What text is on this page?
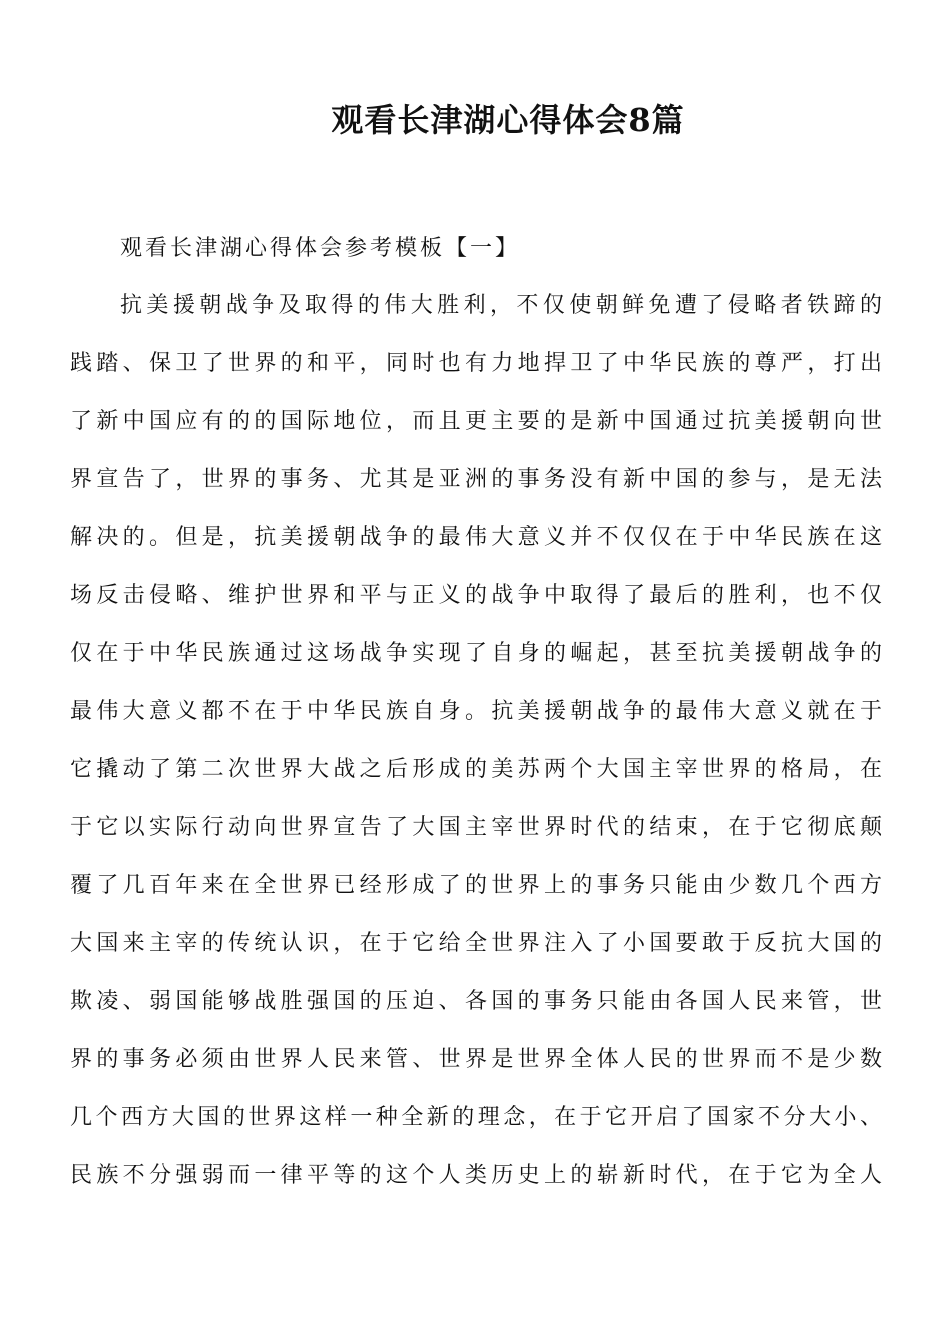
观看长津湖心得体会8篇
观看长津湖心得体会参考模板【一】
抗美援朝战争及取得的伟大胜利，不仅使朝鲜免遭了侵略者铁蹄的
践踏、保卫了世界的和平，同时也有力地捍卫了中华民族的尊严，打出
了新中国应有的的国际地位，而且更主要的是新中国通过抗美援朝向世
界宣告了，世界的事务、尤其是亚洲的事务没有新中国的参与，是无法
解决的。但是，抗美援朝战争的最伟大意义并不仅仅在于中华民族在这
场反击侵略、维护世界和平与正义的战争中取得了最后的胜利，也不仅
仅在于中华民族通过这场战争实现了自身的崛起，甚至抗美援朝战争的
最伟大意义都不在于中华民族自身。抗美援朝战争的最伟大意义就在于
它撬动了第二次世界大战之后形成的美苏两个大国主宰世界的格局，在
于它以实际行动向世界宣告了大国主宰世界时代的结束，在于它彻底颠
覆了几百年来在全世界已经形成了的世界上的事务只能由少数几个西方
大国来主宰的传统认识，在于它给全世界注入了小国要敢于反抗大国的
欺凌、弱国能够战胜强国的压迫、各国的事务只能由各国人民来管，世
界的事务必须由世界人民来管、世界是世界全体人民的世界而不是少数
几个西方大国的世界这样一种全新的理念，在于它开启了国家不分大小、
民族不分强弱而一律平等的这个人类历史上的崭新时代，在于它为全人
